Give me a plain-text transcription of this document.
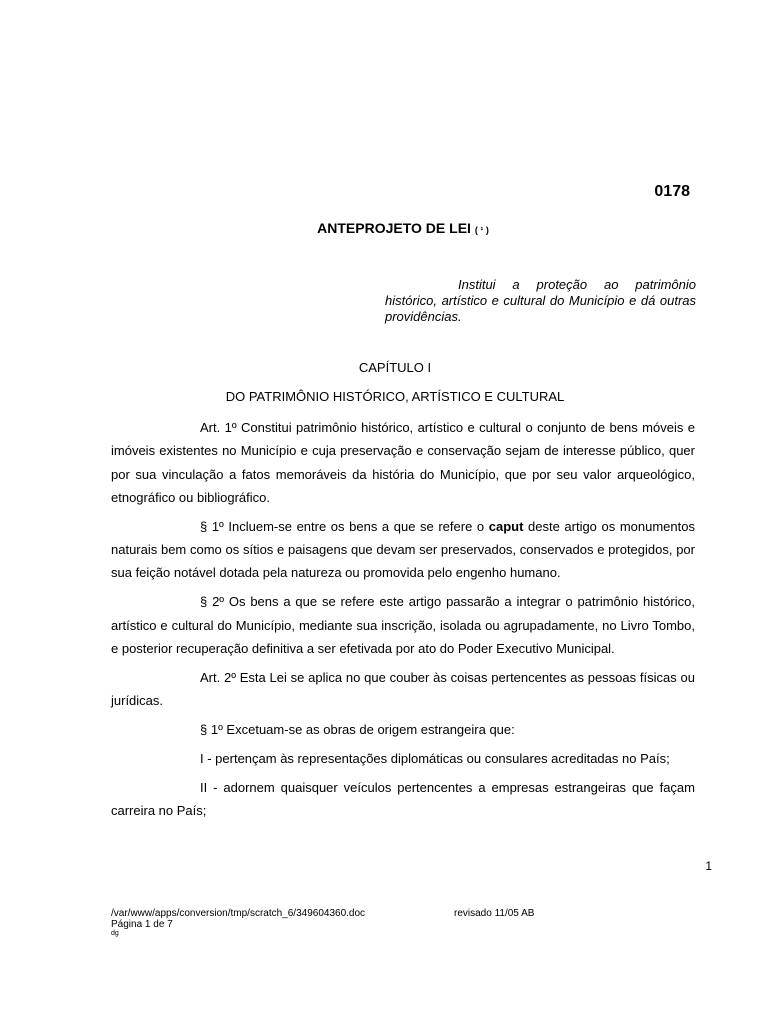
0178
ANTEPROJETO DE LEI ( ¹ )
Institui a proteção ao patrimônio histórico, artístico e cultural do Município e dá outras providências.
CAPÍTULO I
DO PATRIMÔNIO HISTÓRICO, ARTÍSTICO E CULTURAL

Art. 1º Constitui patrimônio histórico, artístico e cultural o conjunto de bens móveis e imóveis existentes no Município e cuja preservação e conservação sejam de interesse público, quer por sua vinculação a fatos memoráveis da história do Município, que por seu valor arqueológico, etnográfico ou bibliográfico.

§ 1º Incluem-se entre os bens a que se refere o caput deste artigo os monumentos naturais bem como os sítios e paisagens que devam ser preservados, conservados e protegidos, por sua feição notável dotada pela natureza ou promovida pelo engenho humano.

§ 2º Os bens a que se refere este artigo passarão a integrar o patrimônio histórico, artístico e cultural do Município, mediante sua inscrição, isolada ou agrupadamente, no Livro Tombo, e posterior recuperação definitiva a ser efetivada por ato do Poder Executivo Municipal.

Art. 2º Esta Lei se aplica no que couber às coisas pertencentes as pessoas físicas ou jurídicas.

§ 1º Excetuam-se as obras de origem estrangeira que:

I - pertençam às representações diplomáticas ou consulares acreditadas no País;

II - adornem quaisquer veículos pertencentes a empresas estrangeiras que façam carreira no País;

1
/var/www/apps/conversion/tmp/scratch_6/349604360.doc	revisado 11/05 AB
Página 1 de 7
dg
